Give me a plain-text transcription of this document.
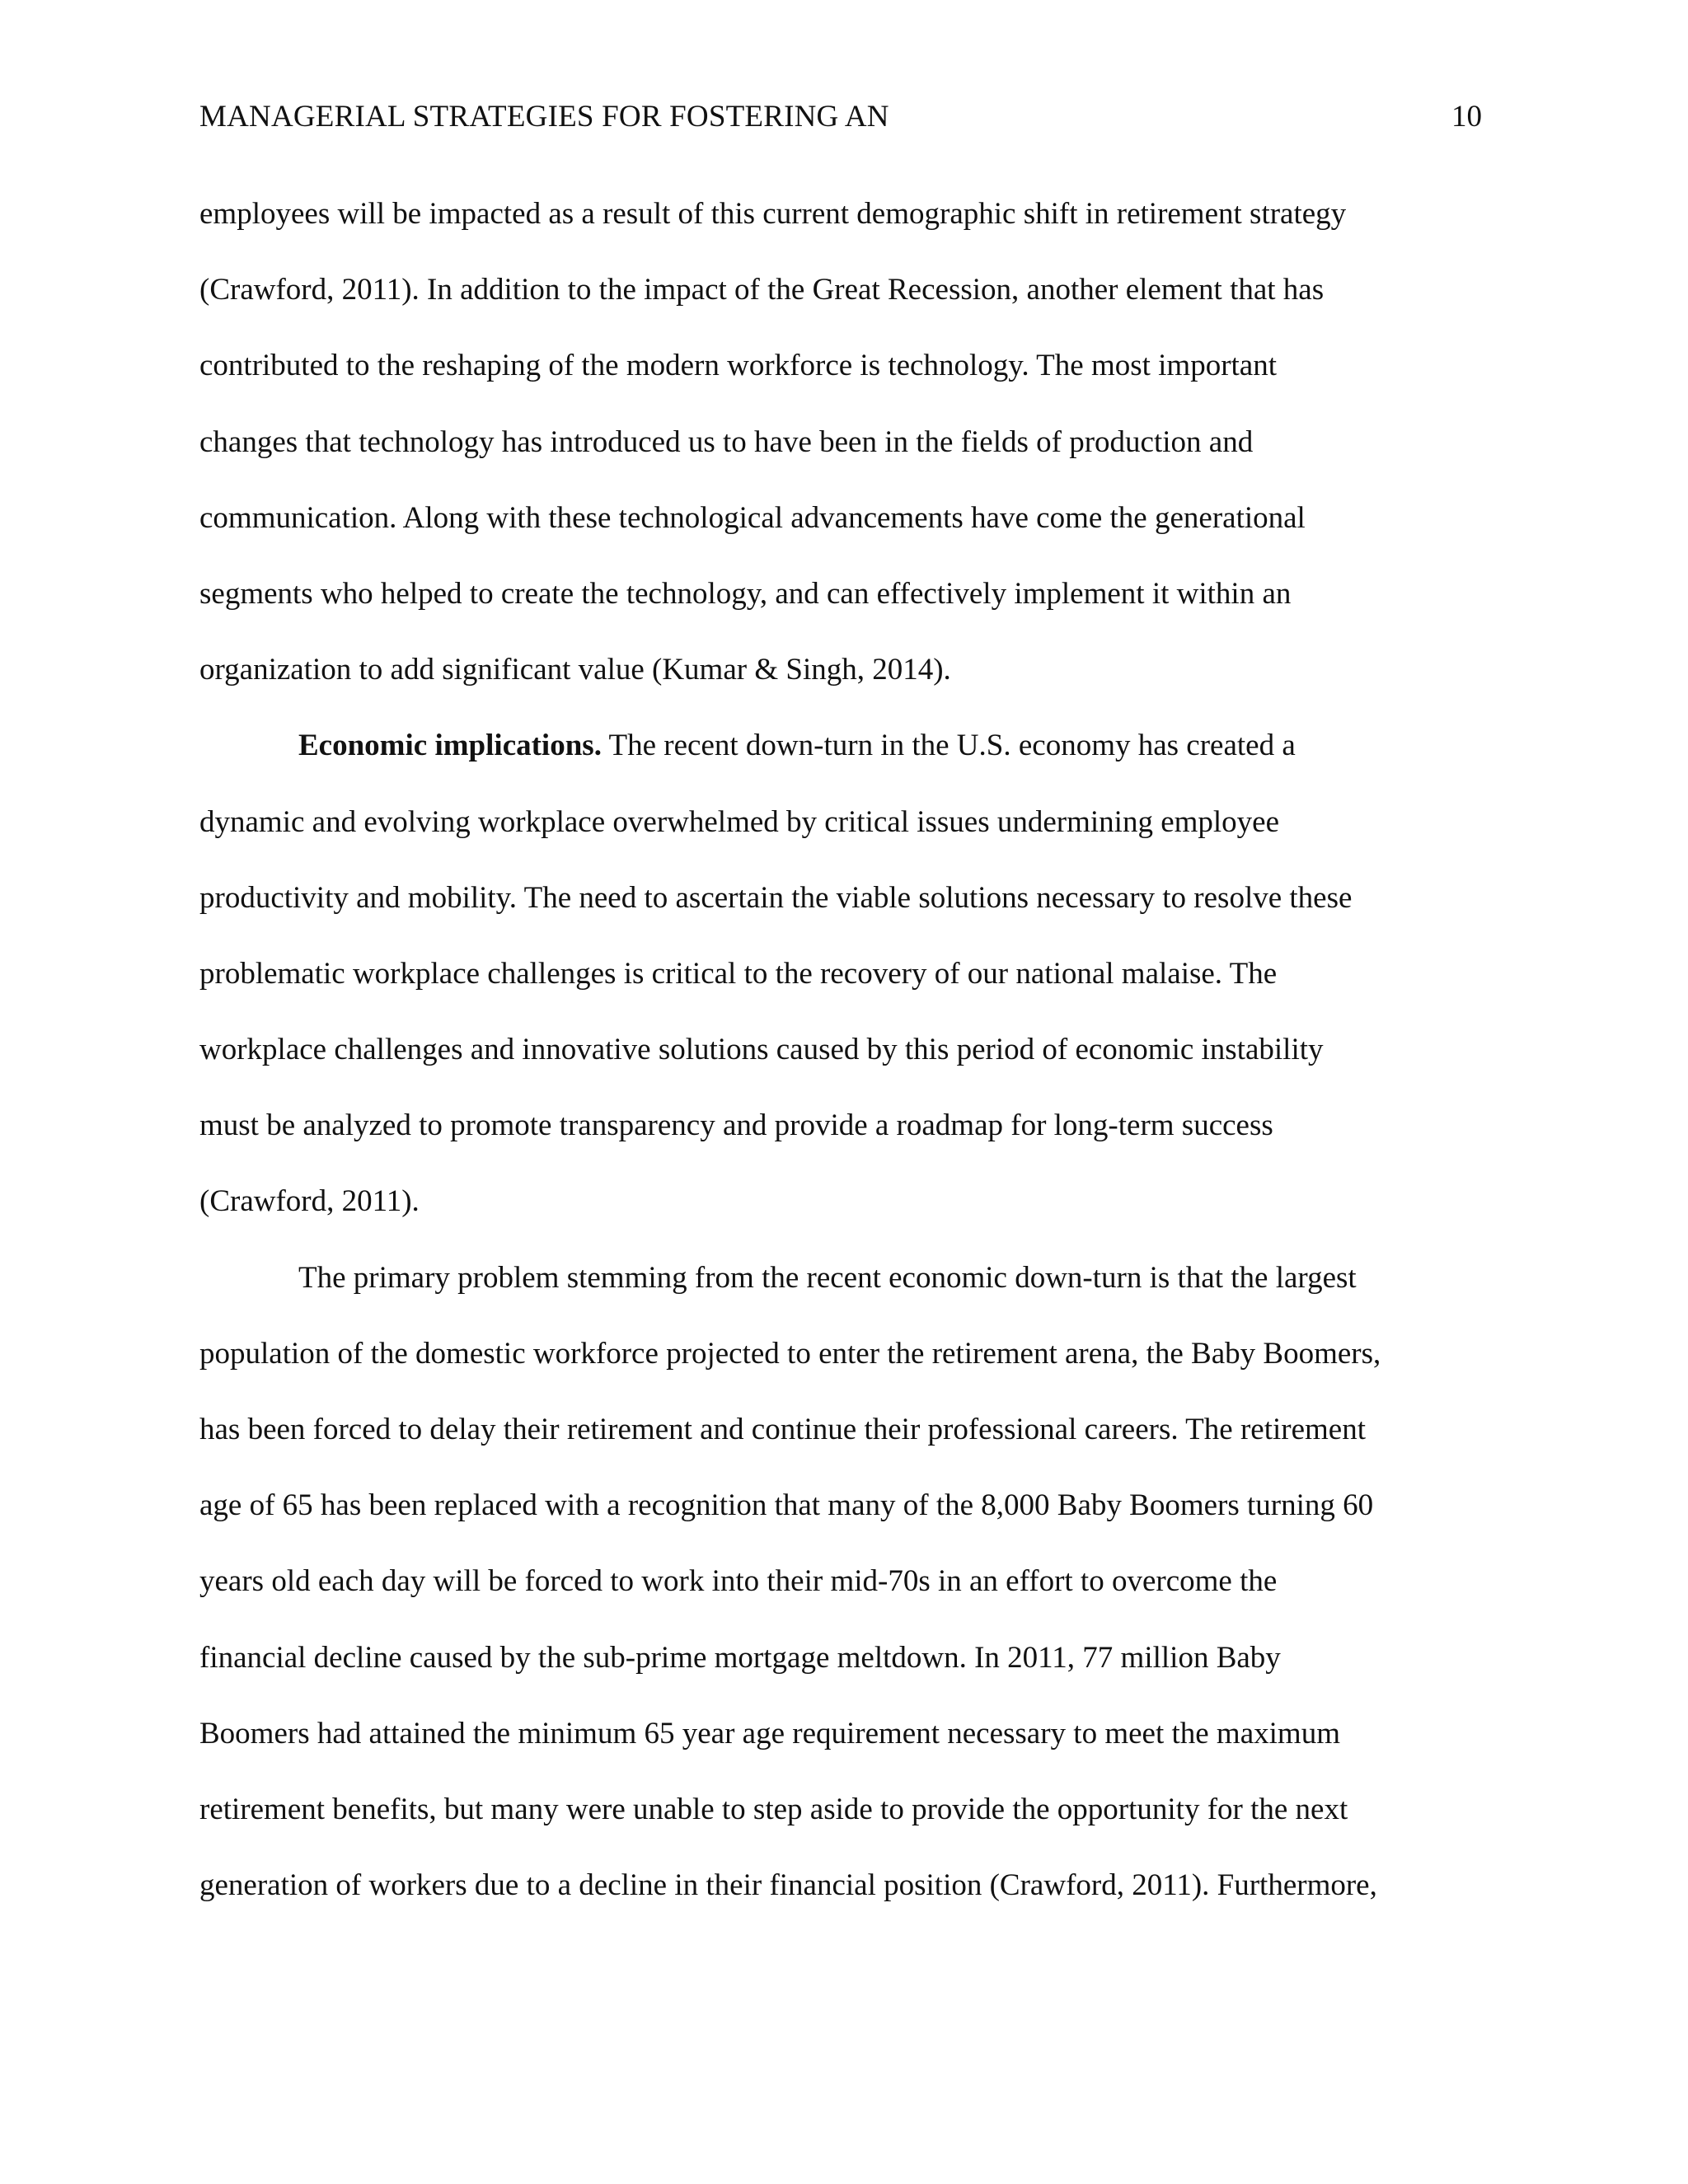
MANAGERIAL STRATEGIES FOR FOSTERING AN	10
employees will be impacted as a result of this current demographic shift in retirement strategy
(Crawford, 2011). In addition to the impact of the Great Recession, another element that has
contributed to the reshaping of the modern workforce is technology. The most important
changes that technology has introduced us to have been in the fields of production and
communication. Along with these technological advancements have come the generational
segments who helped to create the technology, and can effectively implement it within an
organization to add significant value (Kumar & Singh, 2014).
Economic implications. The recent down-turn in the U.S. economy has created a
dynamic and evolving workplace overwhelmed by critical issues undermining employee
productivity and mobility. The need to ascertain the viable solutions necessary to resolve these
problematic workplace challenges is critical to the recovery of our national malaise. The
workplace challenges and innovative solutions caused by this period of economic instability
must be analyzed to promote transparency and provide a roadmap for long-term success
(Crawford, 2011).
The primary problem stemming from the recent economic down-turn is that the largest
population of the domestic workforce projected to enter the retirement arena, the Baby Boomers,
has been forced to delay their retirement and continue their professional careers. The retirement
age of 65 has been replaced with a recognition that many of the 8,000 Baby Boomers turning 60
years old each day will be forced to work into their mid-70s in an effort to overcome the
financial decline caused by the sub-prime mortgage meltdown. In 2011, 77 million Baby
Boomers had attained the minimum 65 year age requirement necessary to meet the maximum
retirement benefits, but many were unable to step aside to provide the opportunity for the next
generation of workers due to a decline in their financial position (Crawford, 2011). Furthermore,
